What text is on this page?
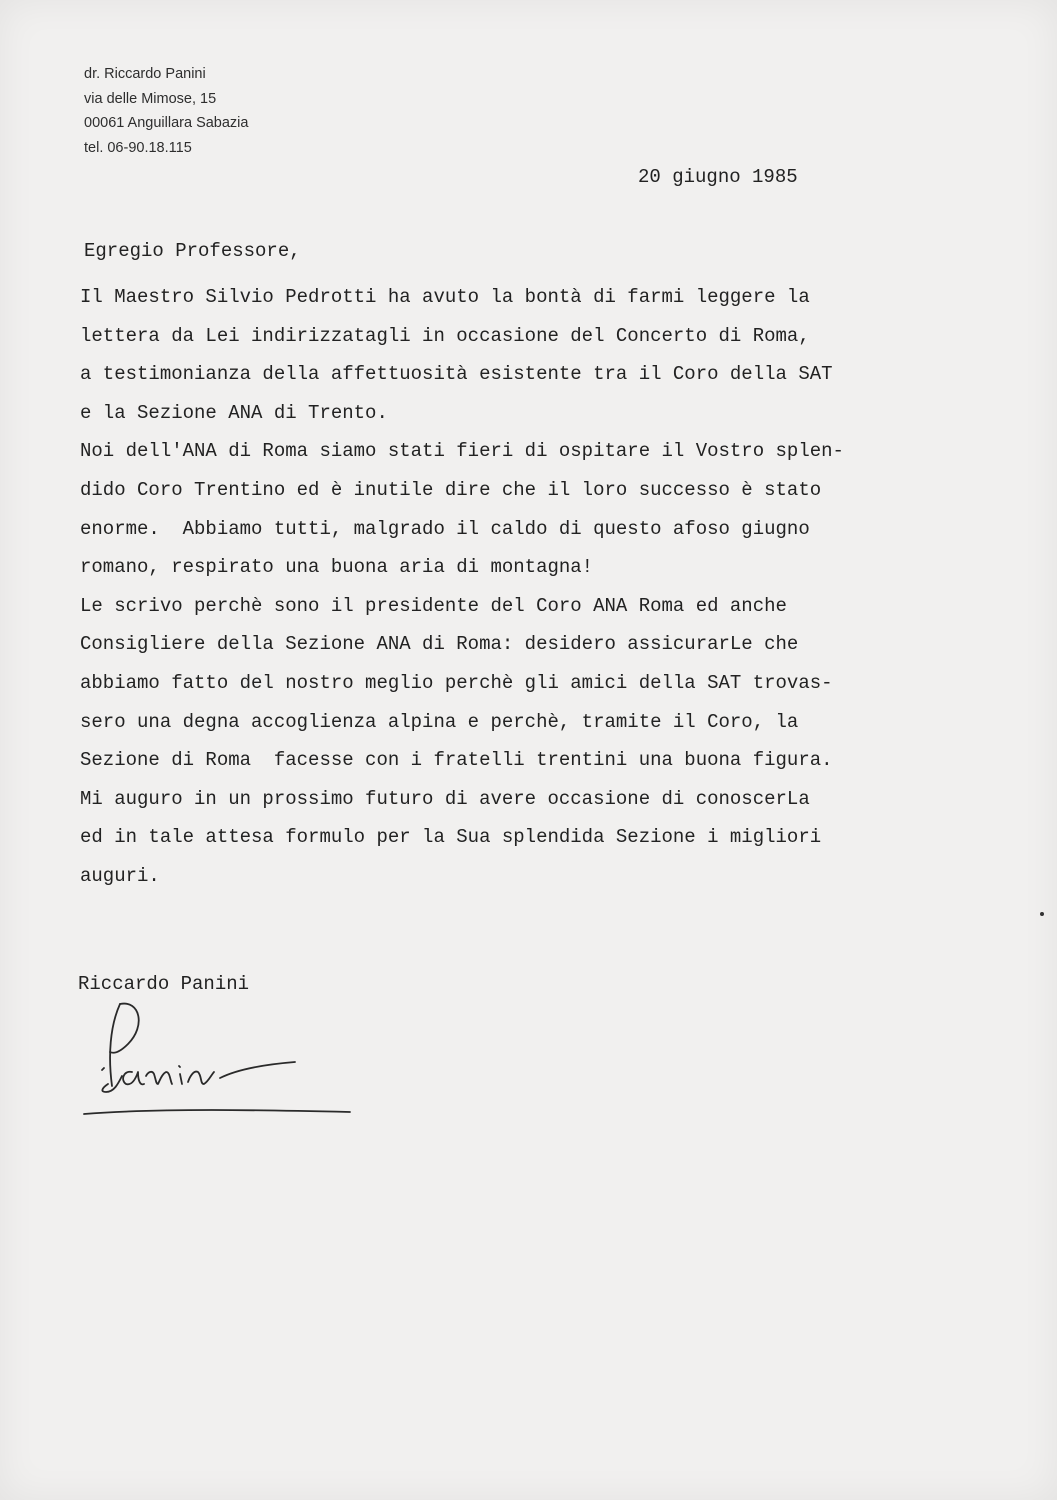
dr. Riccardo Panini
via delle Mimose, 15
00061 Anguillara Sabazia
tel. 06-90.18.115
20 giugno 1985
Egregio Professore,
Il Maestro Silvio Pedrotti ha avuto la bontà di farmi leggere la
lettera da Lei indirizzatagli in occasione del Concerto di Roma,
a testimonianza della affettuosità esistente tra il Coro della SAT
e la Sezione ANA di Trento.
Noi dell'ANA di Roma siamo stati fieri di ospitare il Vostro splen-
dido Coro Trentino ed è inutile dire che il loro successo è stato
enorme.  Abbiamo tutti, malgrado il caldo di questo afoso giugno
romano, respirato una buona aria di montagna!
Le scrivo perchè sono il presidente del Coro ANA Roma ed anche
Consigliere della Sezione ANA di Roma: desidero assicurarLe che
abbiamo fatto del nostro meglio perchè gli amici della SAT trovas-
sero una degna accoglienza alpina e perchè, tramite il Coro, la
Sezione di Roma  facesse con i fratelli trentini una buona figura.
Mi auguro in un prossimo futuro di avere occasione di conoscerLa
ed in tale attesa formulo per la Sua splendida Sezione i migliori
auguri.
Riccardo Panini
